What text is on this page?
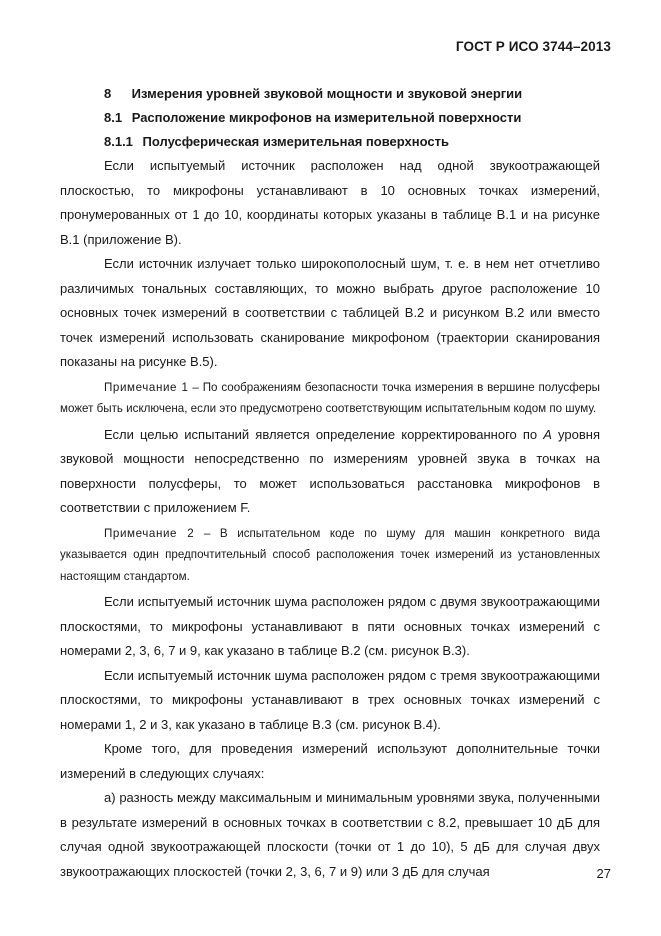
ГОСТ Р ИСО 3744–2013
8 Измерения уровней звуковой мощности и звуковой энергии
8.1 Расположение микрофонов на измерительной поверхности
8.1.1 Полусферическая измерительная поверхность

Если испытуемый источник расположен над одной звукоотражающей плоскостью, то микрофоны устанавливают в 10 основных точках измерений, пронумерованных от 1 до 10, координаты которых указаны в таблице В.1 и на рисунке В.1 (приложение В).

Если источник излучает только широкополосный шум, т. е. в нем нет отчетливо различимых тональных составляющих, то можно выбрать другое расположение 10 основных точек измерений в соответствии с таблицей В.2 и рисунком В.2 или вместо точек измерений использовать сканирование микрофоном (траектории сканирования показаны на рисунке В.5).

Примечание 1 – По соображениям безопасности точка измерения в вершине полусферы может быть исключена, если это предусмотрено соответствующим испытательным кодом по шуму.

Если целью испытаний является определение корректированного по A уровня звуковой мощности непосредственно по измерениям уровней звука в точках на поверхности полусферы, то может использоваться расстановка микрофонов в соответствии с приложением F.

Примечание 2 – В испытательном коде по шуму для машин конкретного вида указывается один предпочтительный способ расположения точек измерений из установленных настоящим стандартом.

Если испытуемый источник шума расположен рядом с двумя звукоотражающими плоскостями, то микрофоны устанавливают в пяти основных точках измерений с номерами 2, 3, 6, 7 и 9, как указано в таблице В.2 (см. рисунок В.3).

Если испытуемый источник шума расположен рядом с тремя звукоотражающими плоскостями, то микрофоны устанавливают в трех основных точках измерений с номерами 1, 2 и 3, как указано в таблице В.3 (см. рисунок В.4).

Кроме того, для проведения измерений используют дополнительные точки измерений в следующих случаях:

а) разность между максимальным и минимальным уровнями звука, полученными в результате измерений в основных точках в соответствии с 8.2, превышает 10 дБ для случая одной звукоотражающей плоскости (точки от 1 до 10), 5 дБ для случая двух звукоотражающих плоскостей (точки 2, 3, 6, 7 и 9) или 3 дБ для случая	27
